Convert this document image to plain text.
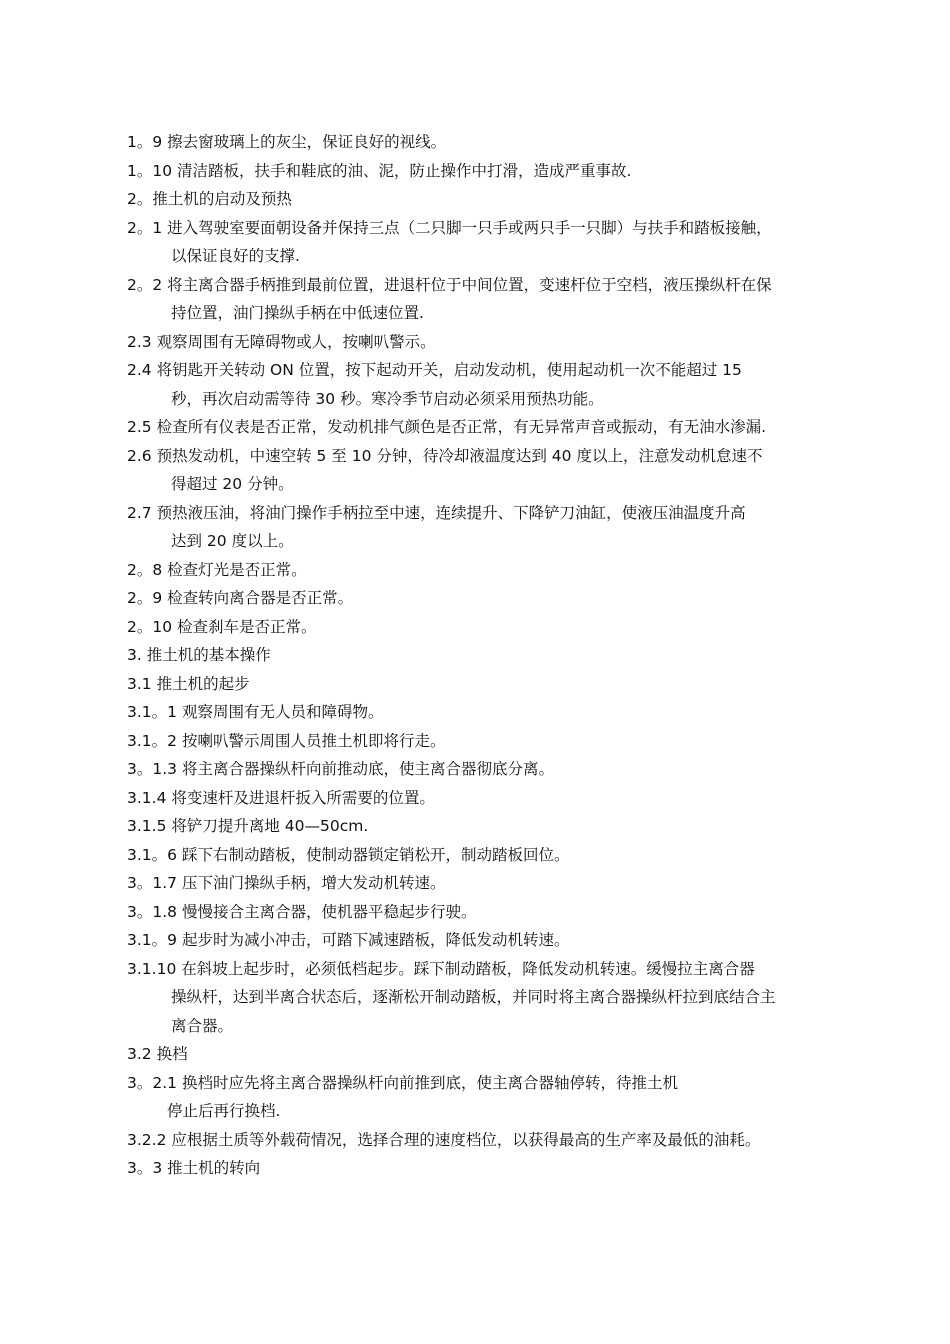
1。9 擦去窗玻璃上的灰尘，保证良好的视线。
1。10 清洁踏板，扶手和鞋底的油、泥，防止操作中打滑，造成严重事故.
2。推土机的启动及预热
2。1 进入驾驶室要面朝设备并保持三点（二只脚一只手或两只手一只脚）与扶手和踏板接触，
以保证良好的支撑.
2。2 将主离合器手柄推到最前位置，进退杆位于中间位置，变速杆位于空档，液压操纵杆在保
持位置，油门操纵手柄在中低速位置.
2.3 观察周围有无障碍物或人，按喇叭警示。
2.4 将钥匙开关转动 ON 位置，按下起动开关，启动发动机，使用起动机一次不能超过 15
秒，再次启动需等待 30 秒。寒冷季节启动必须采用预热功能。
2.5 检查所有仪表是否正常，发动机排气颜色是否正常，有无异常声音或振动，有无油水渗漏.
2.6 预热发动机，中速空转 5 至 10 分钟，待冷却液温度达到 40 度以上，注意发动机怠速不
得超过 20 分钟。
2.7 预热液压油，将油门操作手柄拉至中速，连续提升、下降铲刀油缸，使液压油温度升高
达到 20 度以上。
2。8 检查灯光是否正常。
2。9 检查转向离合器是否正常。
2。10 检查刹车是否正常。
3. 推土机的基本操作
3.1 推土机的起步
3.1。1 观察周围有无人员和障碍物。
3.1。2 按喇叭警示周围人员推土机即将行走。
3。1.3 将主离合器操纵杆向前推动底，使主离合器彻底分离。
3.1.4 将变速杆及进退杆扳入所需要的位置。
3.1.5 将铲刀提升离地 40—50cm.
3.1。6 踩下右制动踏板，使制动器锁定销松开，制动踏板回位。
3。1.7 压下油门操纵手柄，增大发动机转速。
3。1.8 慢慢接合主离合器，使机器平稳起步行驶。
3.1。9 起步时为减小冲击，可踏下减速踏板，降低发动机转速。
3.1.10 在斜坡上起步时，必须低档起步。踩下制动踏板，降低发动机转速。缓慢拉主离合器
操纵杆，达到半离合状态后，逐渐松开制动踏板，并同时将主离合器操纵杆拉到底结合主
离合器。
3.2 换档
3。2.1 换档时应先将主离合器操纵杆向前推到底，使主离合器轴停转，待推土机
停止后再行换档.
3.2.2 应根据土质等外载荷情况，选择合理的速度档位，以获得最高的生产率及最低的油耗。
3。3 推土机的转向
